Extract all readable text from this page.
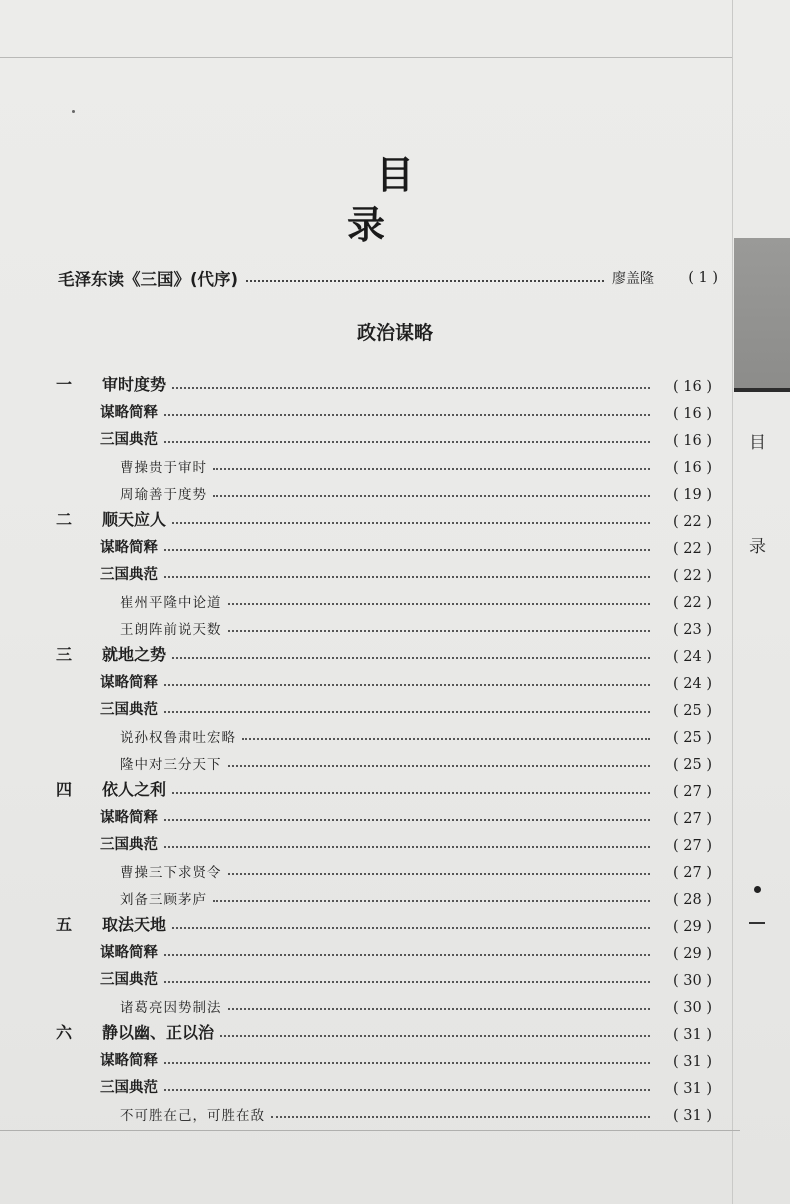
目　录
毛泽东读《三国》(代序)	廖盖隆	( 1 )
政治谋略
一	审时度势	( 16 )
谋略简释	( 16 )
三国典范	( 16 )
曹操贵于审时	( 16 )
周瑜善于度势	( 19 )
二	顺天应人	( 22 )
谋略简释	( 22 )
三国典范	( 22 )
崔州平隆中论道	( 22 )
王朗阵前说天数	( 23 )
三	就地之势	( 24 )
谋略简释	( 24 )
三国典范	( 25 )
说孙权鲁肃吐宏略	( 25 )
隆中对三分天下	( 25 )
四	依人之利	( 27 )
谋略简释	( 27 )
三国典范	( 27 )
曹操三下求贤令	( 27 )
刘备三顾茅庐	( 28 )
五	取法天地	( 29 )
谋略简释	( 29 )
三国典范	( 30 )
诸葛亮因势制法	( 30 )
六	静以幽、正以治	( 31 )
谋略简释	( 31 )
三国典范	( 31 )
不可胜在己，可胜在敌	( 31 )
目
录
